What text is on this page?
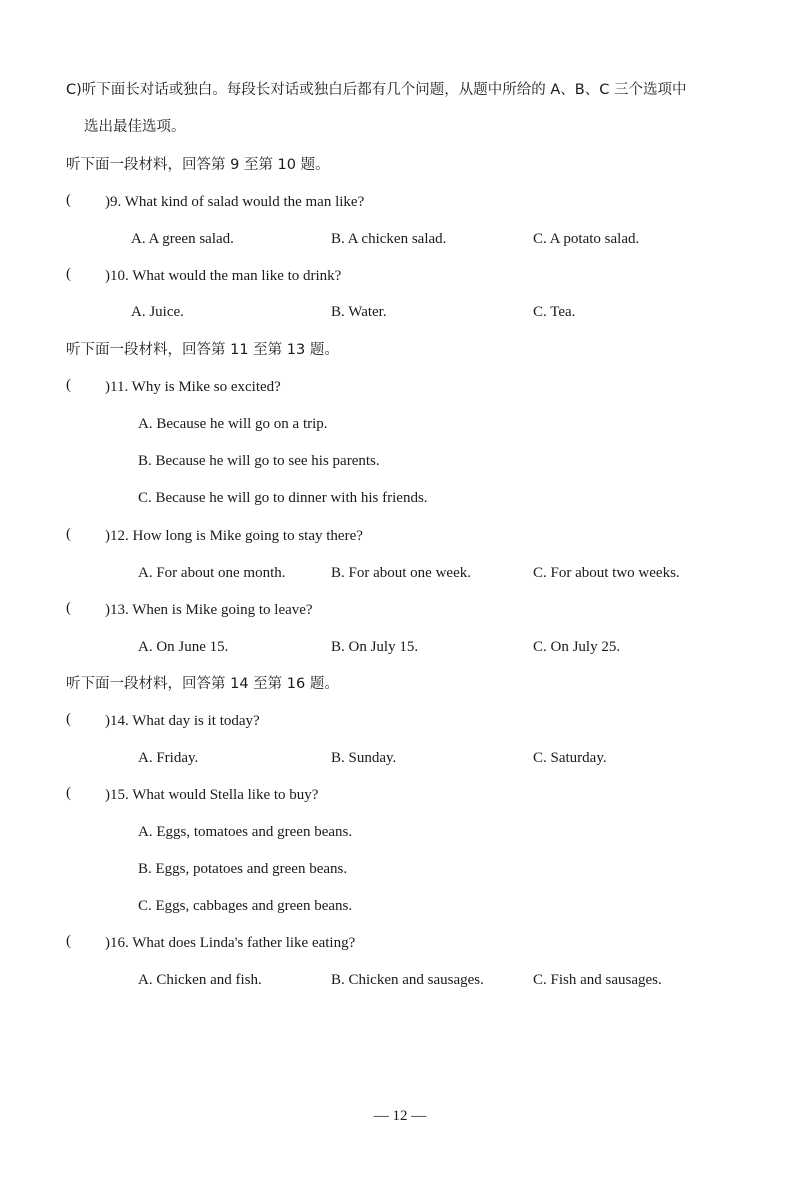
C)听下面长对话或独白。每段长对话或独白后都有几个问题，从题中所给的 A、B、C 三个选项中
选出最佳选项。
听下面一段材料，回答第 9 至第 10 题。
( )9. What kind of salad would the man like?
A. A green salad.	B. A chicken salad.	C. A potato salad.
( )10. What would the man like to drink?
A. Juice.	B. Water.	C. Tea.
听下面一段材料，回答第 11 至第 13 题。
( )11. Why is Mike so excited?
A. Because he will go on a trip.
B. Because he will go to see his parents.
C. Because he will go to dinner with his friends.
( )12. How long is Mike going to stay there?
A. For about one month.	B. For about one week.	C. For about two weeks.
( )13. When is Mike going to leave?
A. On June 15.	B. On July 15.	C. On July 25.
听下面一段材料，回答第 14 至第 16 题。
( )14. What day is it today?
A. Friday.	B. Sunday.	C. Saturday.
( )15. What would Stella like to buy?
A. Eggs, tomatoes and green beans.
B. Eggs, potatoes and green beans.
C. Eggs, cabbages and green beans.
( )16. What does Linda's father like eating?
A. Chicken and fish.	B. Chicken and sausages.	C. Fish and sausages.
— 12 —
